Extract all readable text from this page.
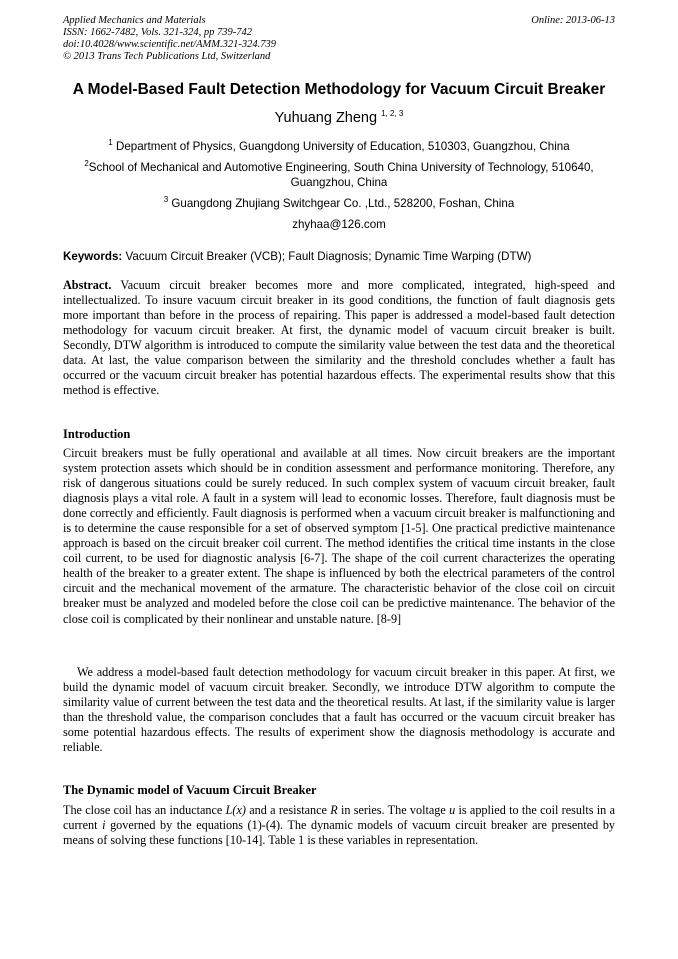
Applied Mechanics and Materials
ISSN: 1662-7482, Vols. 321-324, pp 739-742
doi:10.4028/www.scientific.net/AMM.321-324.739
© 2013 Trans Tech Publications Ltd, Switzerland
Online: 2013-06-13
A Model-Based Fault Detection Methodology for Vacuum Circuit Breaker
Yuhuang Zheng $^{1, 2, 3}$
$^1$ Department of Physics, Guangdong University of Education, 510303, Guangzhou, China
$^2$School of Mechanical and Automotive Engineering, South China University of Technology, 510640, Guangzhou, China
$^3$ Guangdong Zhujiang Switchgear Co. ,Ltd., 528200, Foshan, China
zhyhaa@126.com
Keywords: Vacuum Circuit Breaker (VCB); Fault Diagnosis; Dynamic Time Warping (DTW)
Abstract. Vacuum circuit breaker becomes more and more complicated, integrated, high-speed and intellectualized. To insure vacuum circuit breaker in its good conditions, the function of fault diagnosis gets more important than before in the process of repairing. This paper is addressed a model-based fault detection methodology for vacuum circuit breaker. At first, the dynamic model of vacuum circuit breaker is built. Secondly, DTW algorithm is introduced to compute the similarity value between the test data and the theoretical data. At last, the value comparison between the similarity and the threshold concludes whether a fault has occurred or the vacuum circuit breaker has potential hazardous effects. The experimental results show that this method is effective.
Introduction
Circuit breakers must be fully operational and available at all times. Now circuit breakers are the important system protection assets which should be in condition assessment and performance monitoring. Therefore, any risk of dangerous situations could be surely reduced. In such complex system of vacuum circuit breaker, fault diagnosis plays a vital role. A fault in a system will lead to economic losses. Therefore, fault diagnosis must be done correctly and efficiently. Fault diagnosis is performed when a vacuum circuit breaker is malfunctioning and is to determine the cause responsible for a set of observed symptom [1-5]. One practical predictive maintenance approach is based on the circuit breaker coil current. The method identifies the critical time instants in the close coil current, to be used for diagnostic analysis [6-7]. The shape of the coil current characterizes the operating health of the breaker to a greater extent. The shape is influenced by both the electrical parameters of the control circuit and the mechanical movement of the armature. The characteristic behavior of the close coil on circuit breaker must be analyzed and modeled before the close coil can be predictive maintenance. The behavior of the close coil is complicated by their nonlinear and unstable nature. [8-9]
We address a model-based fault detection methodology for vacuum circuit breaker in this paper. At first, we build the dynamic model of vacuum circuit breaker. Secondly, we introduce DTW algorithm to compute the similarity value of current between the test data and the theoretical results. At last, if the similarity value is larger than the threshold value, the comparison concludes that a fault has occurred or the vacuum circuit breaker has some potential hazardous effects. The results of experiment show the diagnosis methodology is accurate and reliable.
The Dynamic model of Vacuum Circuit Breaker
The close coil has an inductance L(x) and a resistance R in series. The voltage u is applied to the coil results in a current i governed by the equations (1)-(4). The dynamic models of vacuum circuit breaker are presented by means of solving these functions [10-14]. Table 1 is these variables in representation.
